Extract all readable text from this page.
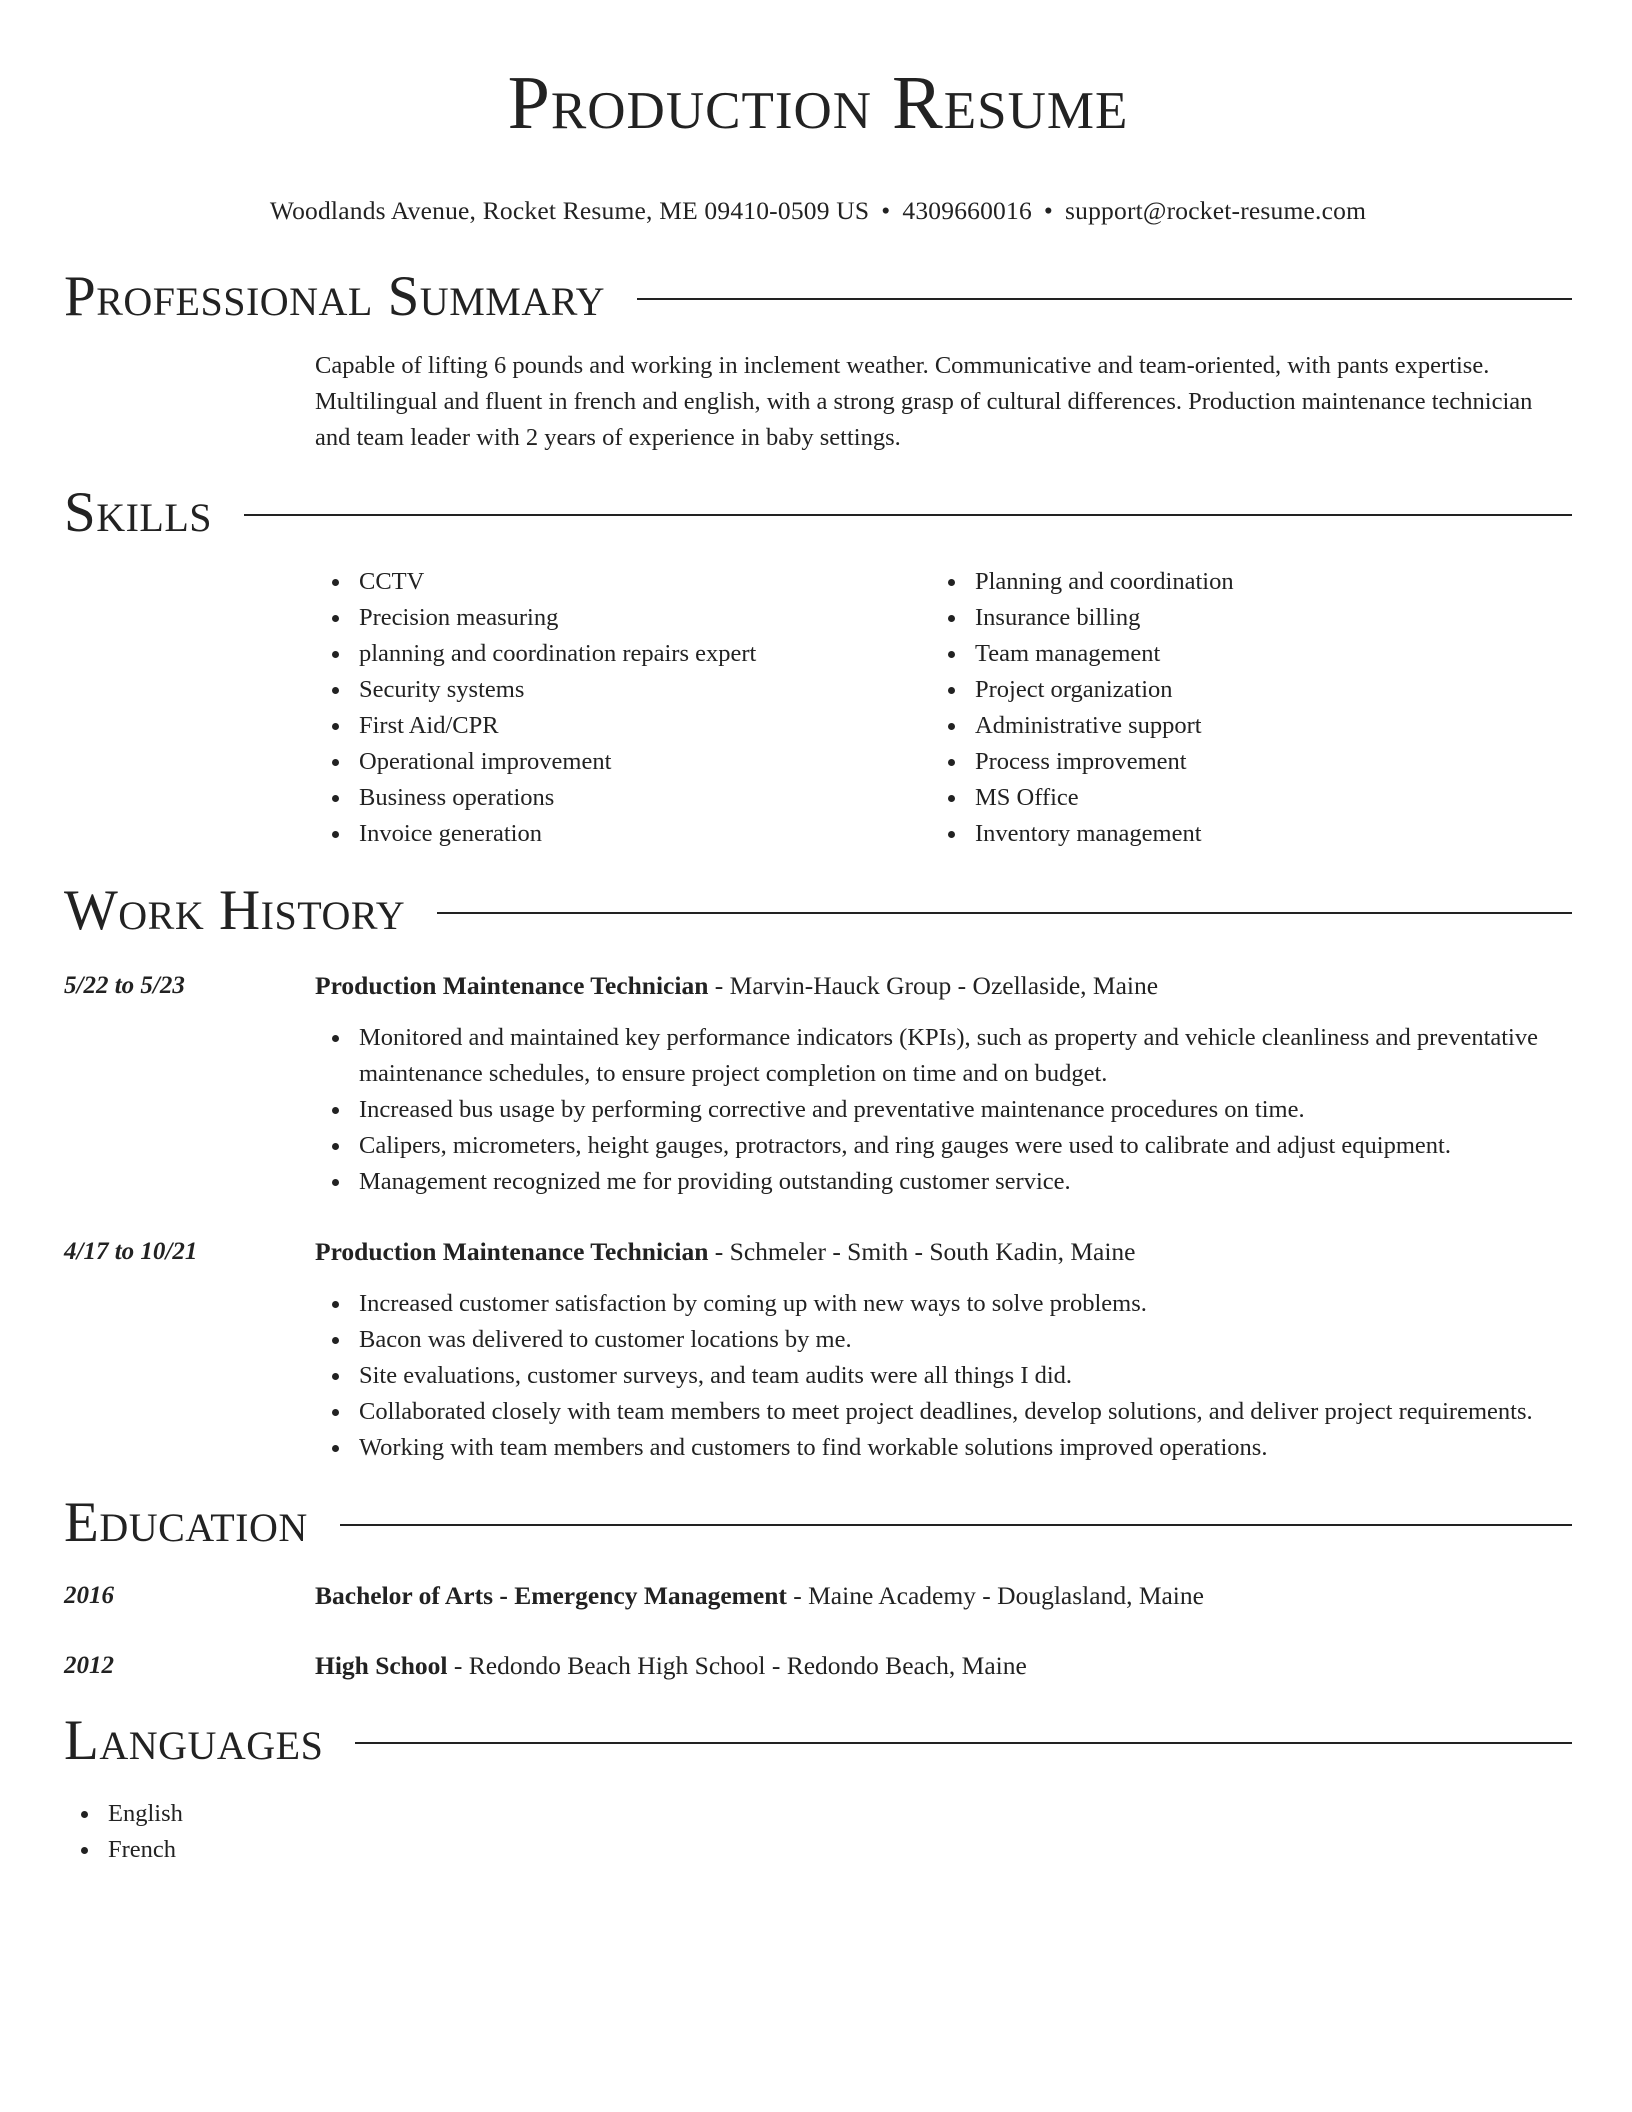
Production Resume
Woodlands Avenue, Rocket Resume, ME 09410-0509 US • 4309660016 • support@rocket-resume.com
Professional Summary

Capable of lifting 6 pounds and working in inclement weather. Communicative and team-oriented, with pants expertise. Multilingual and fluent in french and english, with a strong grasp of cultural differences. Production maintenance technician and team leader with 2 years of experience in baby settings.

Skills
CCTV
Precision measuring
planning and coordination repairs expert
Security systems
First Aid/CPR
Operational improvement
Business operations
Invoice generation
Planning and coordination
Insurance billing
Team management
Project organization
Administrative support
Process improvement
MS Office
Inventory management
Work History
5/22 to 5/23	Production Maintenance Technician - Marvin-Hauck Group - Ozellaside, Maine
Monitored and maintained key performance indicators (KPIs), such as property and vehicle cleanliness and preventative maintenance schedules, to ensure project completion on time and on budget.
Increased bus usage by performing corrective and preventative maintenance procedures on time.
Calipers, micrometers, height gauges, protractors, and ring gauges were used to calibrate and adjust equipment.
Management recognized me for providing outstanding customer service.
4/17 to 10/21	Production Maintenance Technician - Schmeler - Smith - South Kadin, Maine
Increased customer satisfaction by coming up with new ways to solve problems.
Bacon was delivered to customer locations by me.
Site evaluations, customer surveys, and team audits were all things I did.
Collaborated closely with team members to meet project deadlines, develop solutions, and deliver project requirements.
Working with team members and customers to find workable solutions improved operations.
Education
2016	Bachelor of Arts - Emergency Management - Maine Academy - Douglasland, Maine
2012	High School - Redondo Beach High School - Redondo Beach, Maine
Languages
English
French
